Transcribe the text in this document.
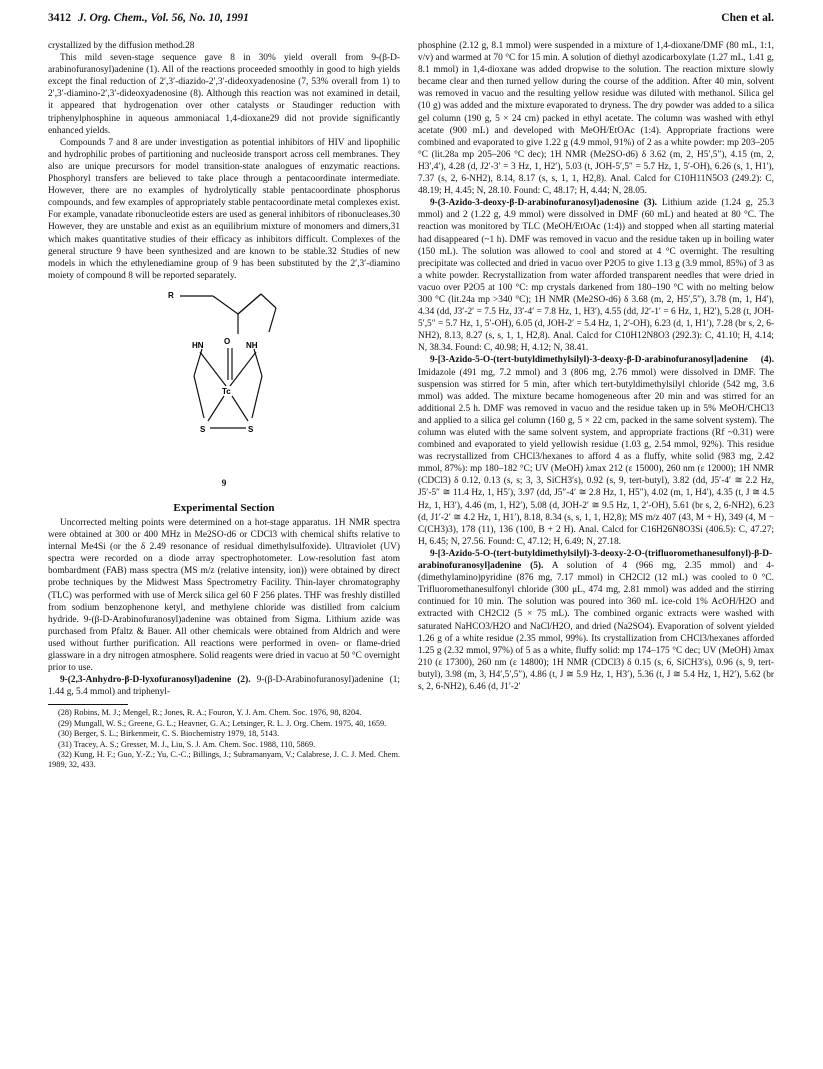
3412 J. Org. Chem., Vol. 56, No. 10, 1991	Chen et al.

crystallized by the diffusion method.28

This mild seven-stage sequence gave 8 in 30% yield overall from 9-(β-D-arabinofuranosyl)adenine (1). All of the reactions proceeded smoothly in good to high yields except the final reduction of 2′,3′-diazido-2′,3′-dideoxyadenosine (7, 53% overall from 1) to 2′,3′-diamino-2′,3′-dideoxyadenosine (8). Although this reaction was not examined in detail, it appeared that hydrogenation over other catalysts or Staudinger reduction with triphenylphosphine in aqueous ammoniacal 1,4-dioxane29 did not provide significantly enhanced yields.

Compounds 7 and 8 are under investigation as potential inhibitors of HIV and lipophilic and hydrophilic probes of partitioning and nucleoside transport across cell membranes. They also are unique precursors for model transition-state analogues of enzymatic reactions. Phosphoryl transfers are believed to take place through a pentacoordinate intermediate. However, there are no examples of hydrolytically stable pentacoordinate phosphorus compounds, and few examples of appropriately stable pentacoordinate metal complexes exist. For example, vanadate ribonucleotide esters are used as general inhibitors of ribonucleases.30 However, they are unstable and exist as an equilibrium mixture of monomers and dimers,31 which makes quantitative studies of their efficacy as inhibitors difficult. Complexes of the general structure 9 have been synthesized and are known to be stable.32 Studies of new models in which the ethylenediamine group of 9 has been substituted by the 2′,3′-diamino moiety of compound 8 will be reported separately.

R
HN	NH
O
Tc
S	S
9
Experimental Section

Uncorrected melting points were determined on a hot-stage apparatus. 1H NMR spectra were obtained at 300 or 400 MHz in Me2SO-d6 or CDCl3 with chemical shifts relative to internal Me4Si (or the δ 2.49 resonance of residual dimethylsulfoxide). Ultraviolet (UV) spectra were recorded on a diode array spectrophotometer. Low-resolution fast atom bombardment (FAB) mass spectra (MS m/z (relative intensity, ion)) were obtained by direct probe techniques by the Midwest Mass Spectrometry Facility. Thin-layer chromatography (TLC) was performed with use of Merck silica gel 60 F 256 plates. THF was freshly distilled from sodium benzophenone ketyl, and methylene chloride was distilled from calcium hydride. 9-(β-D-Arabinofuranosyl)adenine was obtained from Sigma. Lithium azide was purchased from Pfaltz & Bauer. All other chemicals were obtained from Aldrich and were used without further purification. All reactions were performed in oven- or flame-dried glassware in a dry nitrogen atmosphere. Solid reagents were dried in vacuo at 50 °C overnight prior to use.

9-(2,3-Anhydro-β-D-lyxofuranosyl)adenine (2). 9-(β-D-Arabinofuranosyl)adenine (1; 1.44 g, 5.4 mmol) and triphenyl-

(28) Robins, M. J.; Mengel, R.; Jones, R. A.; Fouron, Y. J. Am. Chem. Soc. 1976, 98, 8204.

(29) Mungall, W. S.; Greene, G. L.; Heavner, G. A.; Letsinger, R. L. J. Org. Chem. 1975, 40, 1659.

(30) Berger, S. L.; Birkenmeir, C. S. Biochemistry 1979, 18, 5143.

(31) Tracey, A. S.; Gresser, M. J., Liu, S. J. Am. Chem. Soc. 1988, 110, 5869.

(32) Kung, H. F.; Guo, Y.-Z.; Yu, C.-C.; Billings, J.; Subramanyam, V.; Calabrese, J. C. J. Med. Chem. 1989, 32, 433.

phosphine (2.12 g, 8.1 mmol) were suspended in a mixture of 1,4-dioxane/DMF (80 mL, 1:1, v/v) and warmed at 70 °C for 15 min. A solution of diethyl azodicarboxylate (1.27 mL, 1.41 g, 8.1 mmol) in 1,4-dioxane was added dropwise to the solution. The reaction mixture slowly became clear and then turned yellow during the course of the addition. After 40 min, solvent was removed in vacuo and the resulting yellow residue was diluted with methanol. Silica gel (10 g) was added and the mixture evaporated to dryness. The dry powder was added to a silica gel column (190 g, 5 × 24 cm) packed in ethyl acetate. The column was washed with ethyl acetate (900 mL) and developed with MeOH/EtOAc (1:4). Appropriate fractions were combined and evaporated to give 1.22 g (4.9 mmol, 91%) of 2 as a white powder: mp 203–205 °C (lit.28a mp 205–206 °C dec); 1H NMR (Me2SO-d6) δ 3.62 (m, 2, H5′,5″), 4.15 (m, 2, H3′,4′), 4.28 (d, J2′-3′ = 3 Hz, 1, H2′), 5.03 (t, JOH-5′,5″ = 5.7 Hz, 1, 5′-OH), 6.26 (s, 1, H1′), 7.37 (s, 2, 6-NH2), 8.14, 8.17 (s, s, 1, 1, H2,8). Anal. Calcd for C10H11N5O3 (249.2): C, 48.19; H, 4.45; N, 28.10. Found: C, 48.17; H, 4.44; N, 28.05.

9-(3-Azido-3-deoxy-β-D-arabinofuranosyl)adenosine (3). Lithium azide (1.24 g, 25.3 mmol) and 2 (1.22 g, 4.9 mmol) were dissolved in DMF (60 mL) and heated at 80 °C. The reaction was monitored by TLC (MeOH/EtOAc (1:4)) and stopped when all starting material had disappeared (~1 h). DMF was removed in vacuo and the residue taken up in boiling water (150 mL). The solution was allowed to cool and stored at 4 °C overnight. The resulting precipitate was collected and dried in vacuo over P2O5 to give 1.13 g (3.9 mmol, 85%) of 3 as a white powder. Recrystallization from water afforded transparent needles that were dried in vacuo over P2O5 at 100 °C: mp crystals darkened from 180–190 °C with no melting below 300 °C (lit.24a mp >340 °C); 1H NMR (Me2SO-d6) δ 3.68 (m, 2, H5′,5″), 3.78 (m, 1, H4′), 4.34 (dd, J3′-2′ = 7.5 Hz, J3′-4′ = 7.8 Hz, 1, H3′), 4.55 (dd, J2′-1′ = 6 Hz, 1, H2′), 5.28 (t, JOH-5′,5″ = 5.7 Hz, 1, 5′-OH), 6.05 (d, JOH-2′ = 5.4 Hz, 1, 2′-OH), 6.23 (d, 1, H1′), 7.28 (br s, 2, 6-NH2), 8.13, 8.27 (s, s, 1, 1, H2,8). Anal. Calcd for C10H12N8O3 (292.3): C, 41.10; H, 4.14; N, 38.34. Found: C, 40.98; H, 4.12; N, 38.41.

9-[3-Azido-5-O-(tert-butyldimethylsilyl)-3-deoxy-β-D-arabinofuranosyl]adenine (4). Imidazole (491 mg, 7.2 mmol) and 3 (806 mg, 2.76 mmol) were dissolved in DMF. The suspension was stirred for 5 min, after which tert-butyldimethylsilyl chloride (542 mg, 3.6 mmol) was added. The mixture became homogeneous after 20 min and was stirred for an additional 2.5 h. DMF was removed in vacuo and the residue taken up in 5% MeOH/CHCl3 and applied to a silica gel column (160 g, 5 × 22 cm, packed in the same solvent system). The column was eluted with the same solvent system, and appropriate fractions (Rf ~0.31) were combined and evaporated to yield yellowish residue (1.03 g, 2.54 mmol, 92%). This residue was recrystallized from CHCl3/hexanes to afford 4 as a fluffy, white solid (983 mg, 2.42 mmol, 87%): mp 180–182 °C; UV (MeOH) λmax 212 (ε 15000), 260 nm (ε 12000); 1H NMR (CDCl3) δ 0.12, 0.13 (s, s; 3, 3, SiCH3′s), 0.92 (s, 9, tert-butyl), 3.82 (dd, J5′-4′ ≅ 2.2 Hz, J5′-5″ ≅ 11.4 Hz, 1, H5′), 3.97 (dd, J5″-4′ ≅ 2.8 Hz, 1, H5″), 4.02 (m, 1, H4′), 4.35 (t, J ≅ 4.5 Hz, 1, H3′), 4.46 (m, 1, H2′), 5.08 (d, JOH-2′ ≅ 9.5 Hz, 1, 2′-OH), 5.61 (br s, 2, 6-NH2), 6.23 (d, J1′-2′ ≅ 4.2 Hz, 1, H1′), 8.18, 8.34 (s, s, 1, 1, H2,8); MS m/z 407 (43, M + H), 349 (4, M − C(CH3)3), 178 (11), 136 (100, B + 2 H). Anal. Calcd for C16H26N8O3Si (406.5): C, 47.27; H, 6.45; N, 27.56. Found: C, 47.12; H, 6.49; N, 27.18.

9-[3-Azido-5-O-(tert-butyldimethylsilyl)-3-deoxy-2-O-(trifluoromethanesulfonyl)-β-D-arabinofuranosyl]adenine (5). A solution of 4 (966 mg, 2.35 mmol) and 4-(dimethylamino)pyridine (876 mg, 7.17 mmol) in CH2Cl2 (12 mL) was cooled to 0 °C. Trifluoromethanesulfonyl chloride (300 μL, 474 mg, 2.81 mmol) was added and the stirring continued for 10 min. The solution was poured into 360 mL ice-cold 1% AcOH/H2O and extracted with CH2Cl2 (5 × 75 mL). The combined organic extracts were washed with saturated NaHCO3/H2O and NaCl/H2O, and dried (Na2SO4). Evaporation of solvent yielded 1.26 g of a white residue (2.35 mmol, 99%). Its crystallization from CHCl3/hexanes afforded 1.25 g (2.32 mmol, 97%) of 5 as a white, fluffy solid: mp 174–175 °C dec; UV (MeOH) λmax 210 (ε 17300), 260 nm (ε 14800); 1H NMR (CDCl3) δ 0.15 (s, 6, SiCH3′s), 0.96 (s, 9, tert-butyl), 3.98 (m, 3, H4′,5′,5″), 4.86 (t, J ≅ 5.9 Hz, 1, H3′), 5.36 (t, J ≅ 5.4 Hz, 1, H2′), 5.62 (br s, 2, 6-NH2), 6.46 (d, J1′-2′
